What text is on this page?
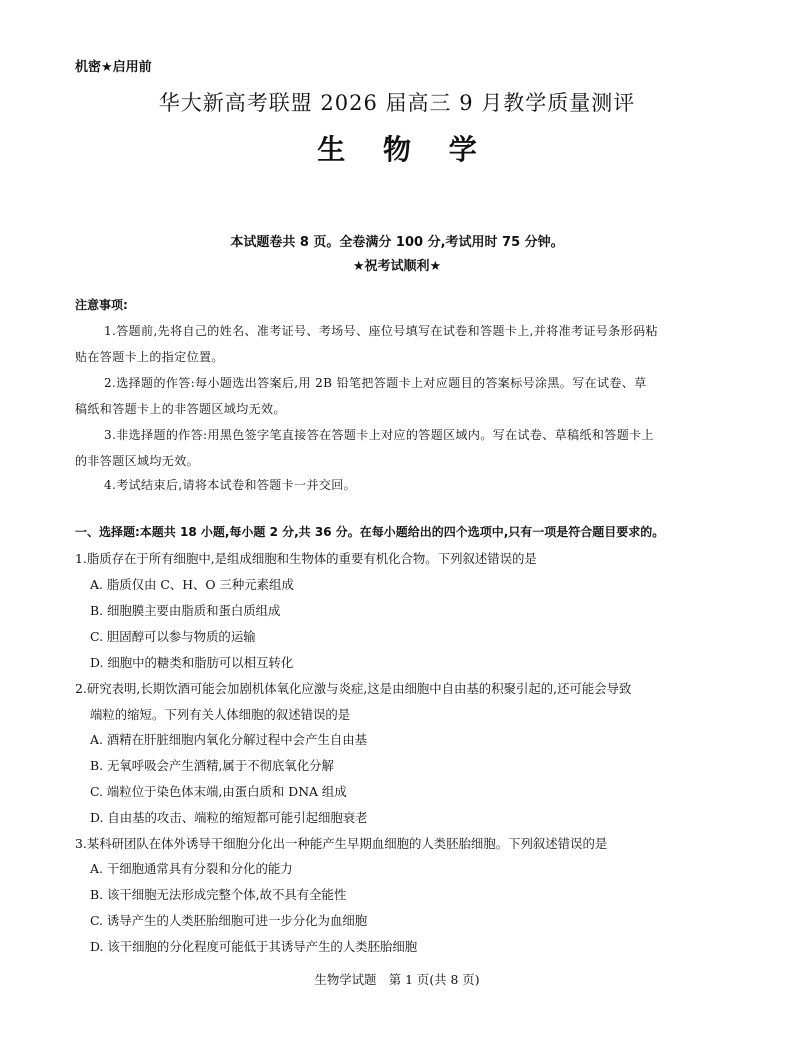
机密★启用前
华大新高考联盟 2026 届高三 9 月教学质量测评
生 物 学
本试题卷共 8 页。全卷满分 100 分,考试用时 75 分钟。
★祝考试顺利★
注意事项:
1.答题前,先将自己的姓名、准考证号、考场号、座位号填写在试卷和答题卡上,并将准考证号条形码粘
贴在答题卡上的指定位置。
2.选择题的作答:每小题选出答案后,用 2B 铅笔把答题卡上对应题目的答案标号涂黑。写在试卷、草
稿纸和答题卡上的非答题区域均无效。
3.非选择题的作答:用黑色签字笔直接答在答题卡上对应的答题区域内。写在试卷、草稿纸和答题卡上
的非答题区域均无效。
4.考试结束后,请将本试卷和答题卡一并交回。
一、选择题:本题共 18 小题,每小题 2 分,共 36 分。在每小题给出的四个选项中,只有一项是符合题目要求的。
1.脂质存在于所有细胞中,是组成细胞和生物体的重要有机化合物。下列叙述错误的是
A. 脂质仅由 C、H、O 三种元素组成
B. 细胞膜主要由脂质和蛋白质组成
C. 胆固醇可以参与物质的运输
D. 细胞中的糖类和脂肪可以相互转化
2.研究表明,长期饮酒可能会加剧机体氧化应激与炎症,这是由细胞中自由基的积聚引起的,还可能会导致
端粒的缩短。下列有关人体细胞的叙述错误的是
A. 酒精在肝脏细胞内氧化分解过程中会产生自由基
B. 无氧呼吸会产生酒精,属于不彻底氧化分解
C. 端粒位于染色体末端,由蛋白质和 DNA 组成
D. 自由基的攻击、端粒的缩短都可能引起细胞衰老
3.某科研团队在体外诱导干细胞分化出一种能产生早期血细胞的人类胚胎细胞。下列叙述错误的是
A. 干细胞通常具有分裂和分化的能力
B. 该干细胞无法形成完整个体,故不具有全能性
C. 诱导产生的人类胚胎细胞可进一步分化为血细胞
D. 该干细胞的分化程度可能低于其诱导产生的人类胚胎细胞
生物学试题　第 1 页(共 8 页)
